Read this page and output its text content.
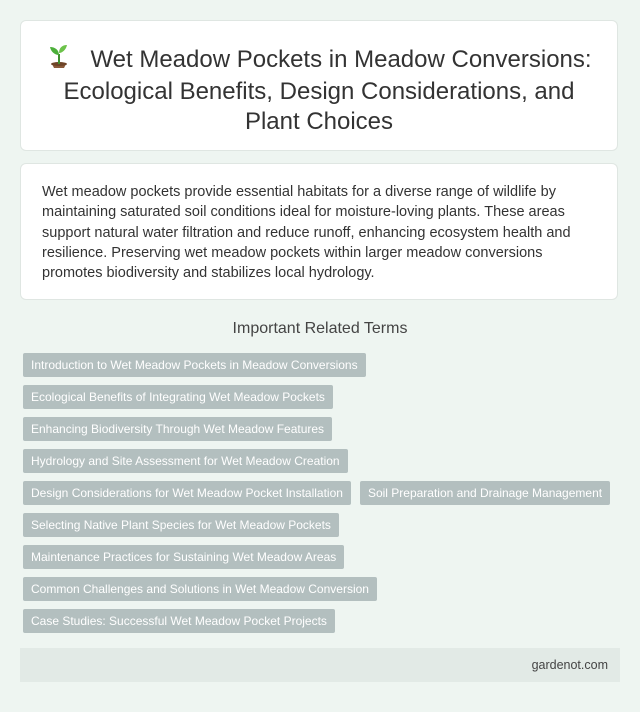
Wet Meadow Pockets in Meadow Conversions: Ecological Benefits, Design Considerations, and Plant Choices

Wet meadow pockets provide essential habitats for a diverse range of wildlife by maintaining saturated soil conditions ideal for moisture-loving plants. These areas support natural water filtration and reduce runoff, enhancing ecosystem health and resilience. Preserving wet meadow pockets within larger meadow conversions promotes biodiversity and stabilizes local hydrology.

Important Related Terms
Introduction to Wet Meadow Pockets in Meadow Conversions
Ecological Benefits of Integrating Wet Meadow Pockets
Enhancing Biodiversity Through Wet Meadow Features
Hydrology and Site Assessment for Wet Meadow Creation
Design Considerations for Wet Meadow Pocket Installation	Soil Preparation and Drainage Management
Selecting Native Plant Species for Wet Meadow Pockets
Maintenance Practices for Sustaining Wet Meadow Areas
Common Challenges and Solutions in Wet Meadow Conversion
Case Studies: Successful Wet Meadow Pocket Projects
gardenot.com
